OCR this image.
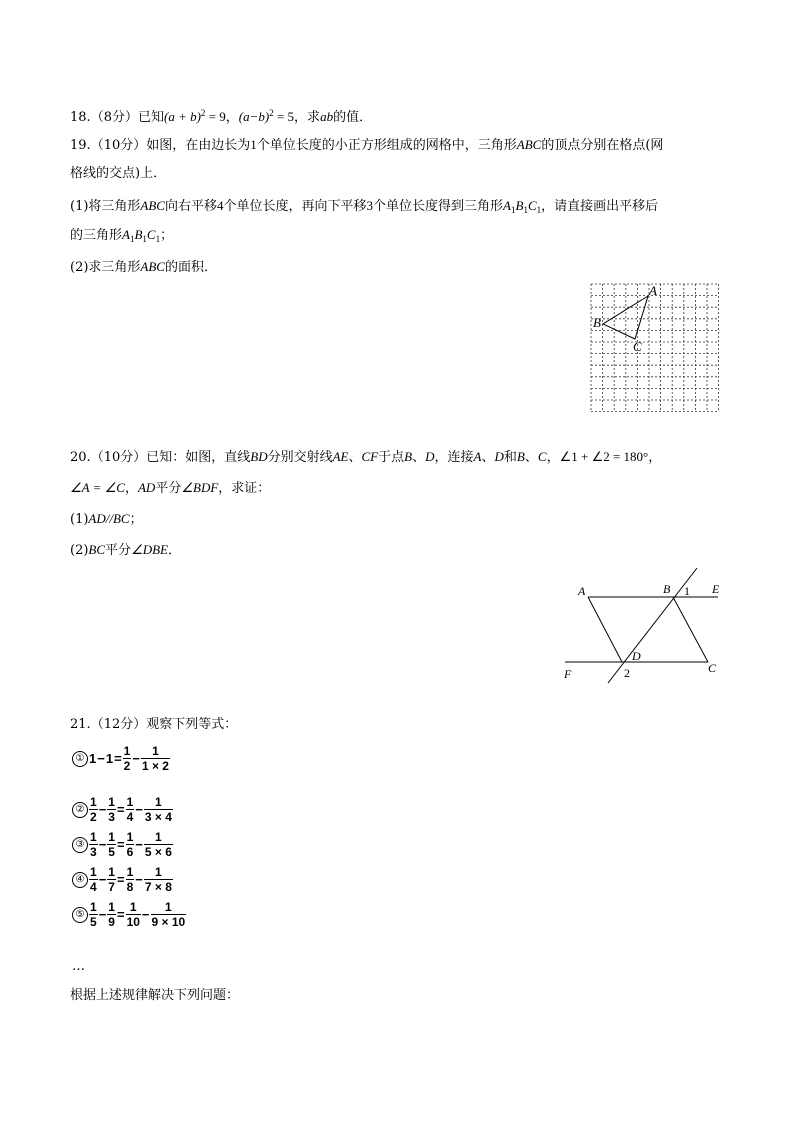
18.（8分）已知$(a + b)^2 = 9$，$(a-b)^2 = 5$，求ab的值．
19.（10分）如图，在由边长为1个单位长度的小正方形组成的网格中，三角形ABC的顶点分别在格点(网
格线的交点)上．
(1)将三角形ABC向右平移4个单位长度，再向下平移3个单位长度得到三角形$A_1B_1C_1$，请直接画出平移后
的三角形$A_1B_1C_1$；
(2)求三角形ABC的面积．
A
B
C
20.（10分）已知：如图，直线BD分别交射线AE、CF于点B、D，连接A、D和B、C，∠1 + ∠2 = 180°，
∠A = ∠C，AD平分∠BDF，求证：
(1)AD//BC；
(2)BC平分∠DBE．
A	B 1 E
D
F	2	C
21.（12分）观察下列等式：
① $1 - 1 = \frac{1}{2} - \frac{1}{1 \times 2}$
② $\frac{1}{2} - \frac{1}{3} = \frac{1}{4} - \frac{1}{3 \times 4}$
③ $\frac{1}{3} - \frac{1}{5} = \frac{1}{6} - \frac{1}{5 \times 6}$
④ $\frac{1}{4} - \frac{1}{7} = \frac{1}{8} - \frac{1}{7 \times 8}$
⑤ $\frac{1}{5} - \frac{1}{9} = \frac{1}{10} - \frac{1}{9 \times 10}$
…
根据上述规律解决下列问题：
